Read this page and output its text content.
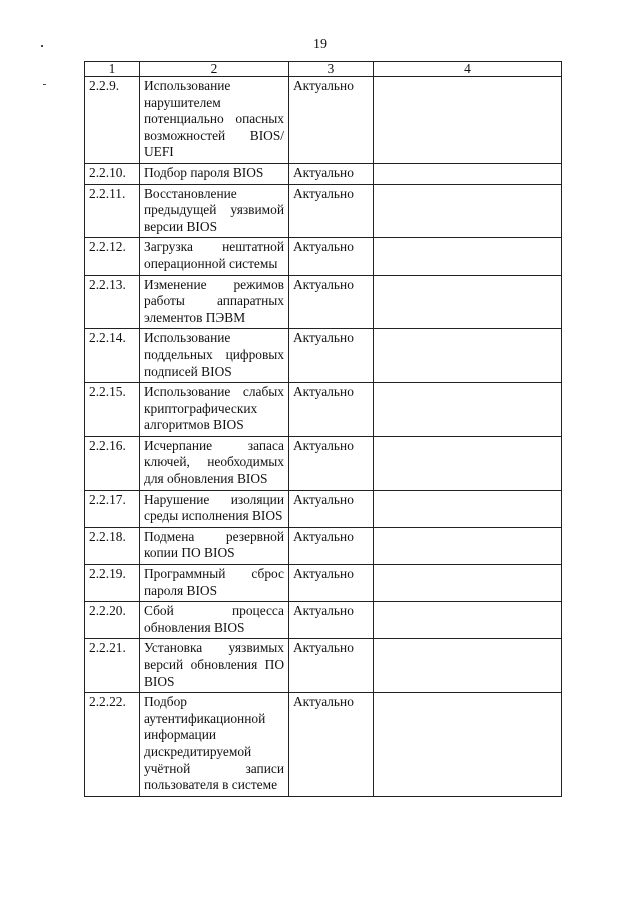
19
1	2	3	4
2.2.9.	Использование нарушителем потенциально опасных возможностей BIOS/ UEFI	Актуально	
2.2.10.	Подбор пароля BIOS	Актуально	
2.2.11.	Восстановление предыдущей уязвимой версии BIOS	Актуально	
2.2.12.	Загрузка нештатной операционной системы	Актуально	
2.2.13.	Изменение режимов работы аппаратных элементов ПЭВМ	Актуально	
2.2.14.	Использование поддельных цифровых подписей BIOS	Актуально	
2.2.15.	Использование слабых криптографических алгоритмов BIOS	Актуально	
2.2.16.	Исчерпание запаса ключей, необходимых для обновления BIOS	Актуально	
2.2.17.	Нарушение изоляции среды исполнения BIOS	Актуально	
2.2.18.	Подмена резервной копии ПО BIOS	Актуально	
2.2.19.	Программный сброс пароля BIOS	Актуально	
2.2.20.	Сбой процесса обновления BIOS	Актуально	
2.2.21.	Установка уязвимых версий обновления ПО BIOS	Актуально	
2.2.22.	Подбор аутентификационной информации дискредитируемой учётной записи пользователя в системе	Актуально	
